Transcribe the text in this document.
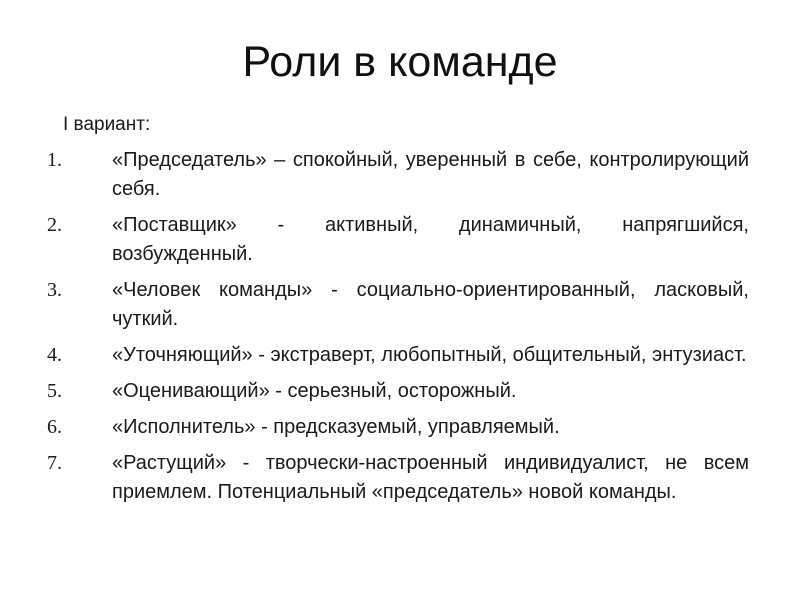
Роли в команде
I вариант:
1.	«Председатель» – спокойный, уверенный в себе, контролирующий себя.
2.	«Поставщик» - активный, динамичный, напрягшийся, возбужденный.
3.	«Человек команды» - социально-ориентированный, ласковый, чуткий.
4.	«Уточняющий» - экстраверт, любопытный, общительный, энтузиаст.
5.	«Оценивающий» - серьезный, осторожный.
6.	«Исполнитель» - предсказуемый, управляемый.
7.	«Растущий» - творчески-настроенный индивидуалист, не всем приемлем. Потенциальный «председатель» новой команды.
